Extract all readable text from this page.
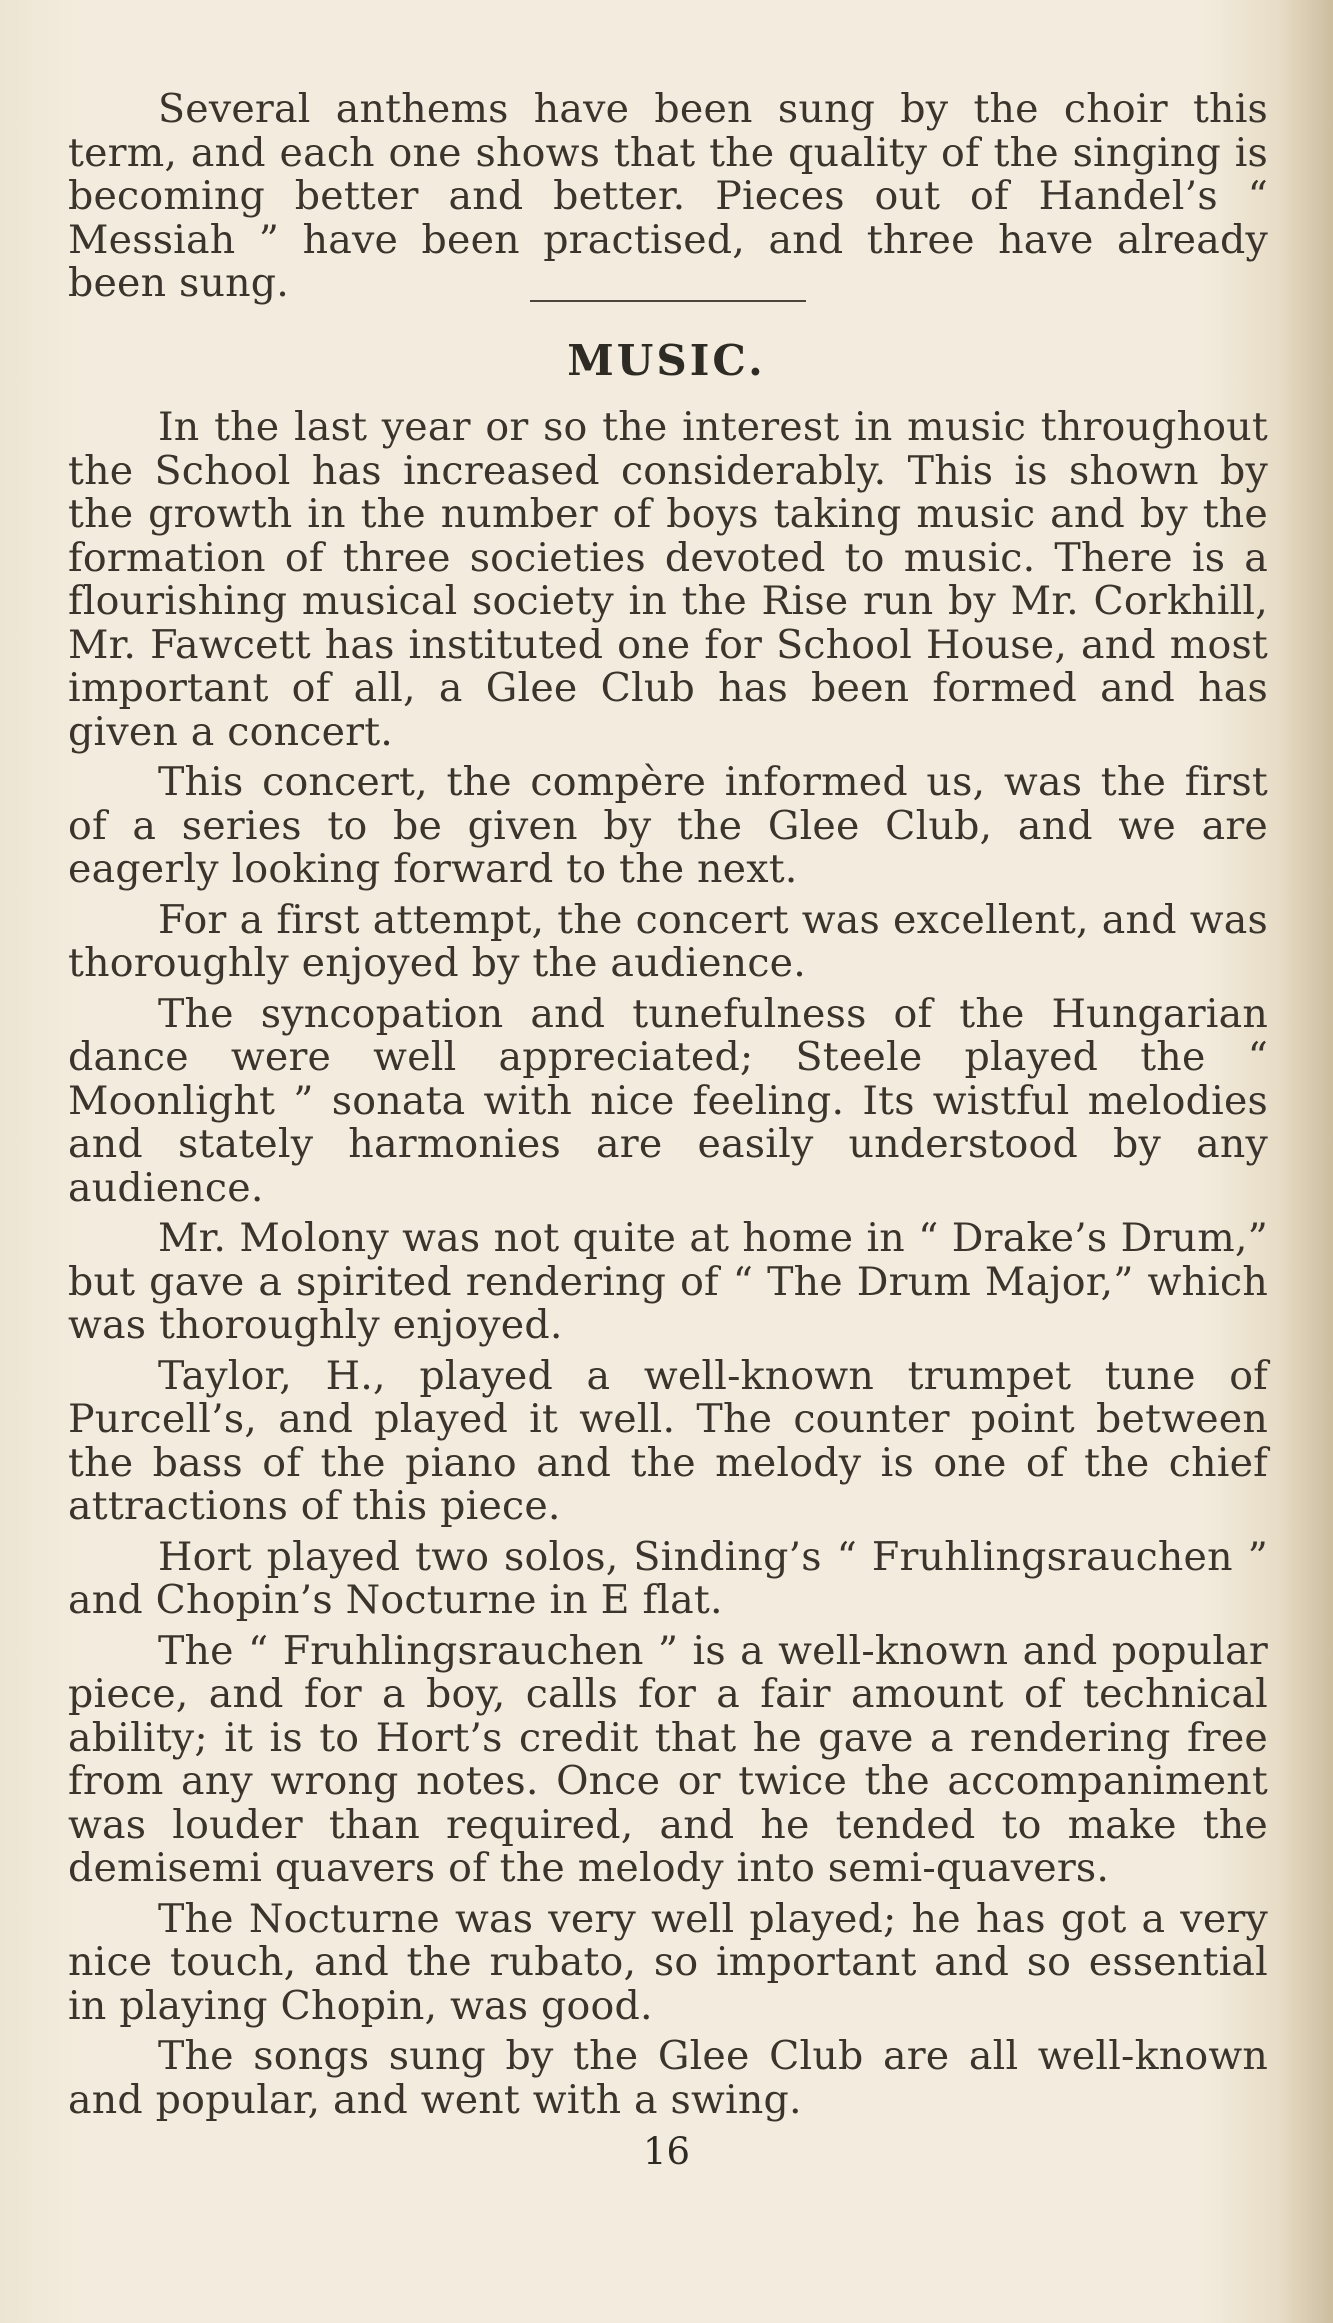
Several anthems have been sung by the choir this term, and each one shows that the quality of the singing is becoming better and better. Pieces out of Handel’s “ Messiah ” have been practised, and three have already been sung.

MUSIC.

In the last year or so the interest in music throughout the School has increased considerably. This is shown by the growth in the number of boys taking music and by the formation of three societies devoted to music. There is a flourishing musical society in the Rise run by Mr. Corkhill, Mr. Fawcett has instituted one for School House, and most important of all, a Glee Club has been formed and has given a concert.

This concert, the compère informed us, was the first of a series to be given by the Glee Club, and we are eagerly looking forward to the next.

For a first attempt, the concert was excellent, and was thoroughly enjoyed by the audience.

The syncopation and tunefulness of the Hungarian dance were well appreciated; Steele played the “ Moonlight ” sonata with nice feeling. Its wistful melodies and stately harmonies are easily understood by any audience.

Mr. Molony was not quite at home in “ Drake’s Drum,” but gave a spirited rendering of “ The Drum Major,” which was thoroughly enjoyed.

Taylor, H., played a well-known trumpet tune of Purcell’s, and played it well. The counter point between the bass of the piano and the melody is one of the chief attractions of this piece.

Hort played two solos, Sinding’s “ Fruhlingsrauchen ” and Chopin’s Nocturne in E flat.

The “ Fruhlingsrauchen ” is a well-known and popular piece, and for a boy, calls for a fair amount of technical ability; it is to Hort’s credit that he gave a rendering free from any wrong notes. Once or twice the accompaniment was louder than required, and he tended to make the demisemi quavers of the melody into semi-quavers.

The Nocturne was very well played; he has got a very nice touch, and the rubato, so important and so essential in playing Chopin, was good.

The songs sung by the Glee Club are all well-known and popular, and went with a swing.

16
